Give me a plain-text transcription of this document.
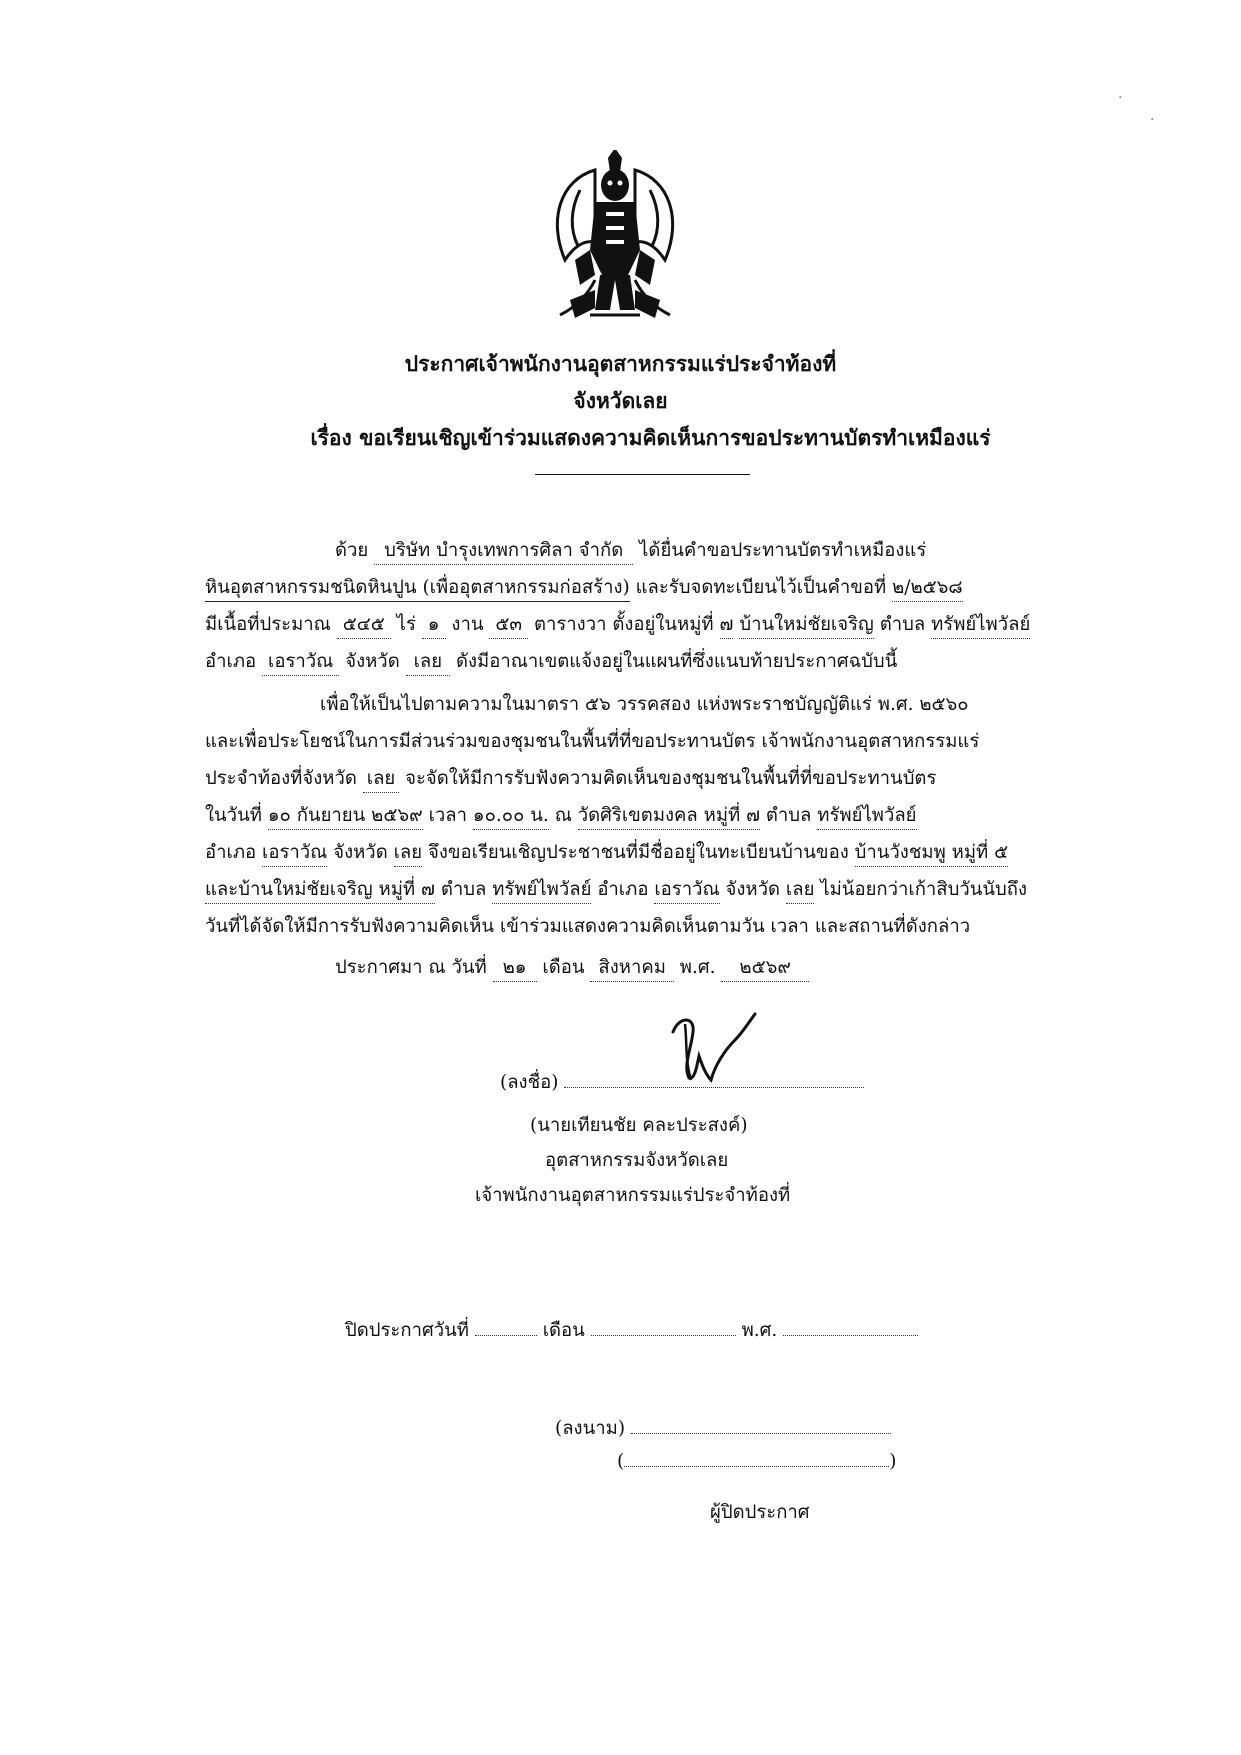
ประกาศเจ้าพนักงานอุตสาหกรรมแร่ประจำท้องที่
จังหวัดเลย
เรื่อง ขอเรียนเชิญเข้าร่วมแสดงความคิดเห็นการขอประทานบัตรทำเหมืองแร่
ด้วย บริษัท บำรุงเทพการศิลา จำกัด ได้ยื่นคำขอประทานบัตรทำเหมืองแร่
หินอุตสาหกรรมชนิดหินปูน (เพื่ออุตสาหกรรมก่อสร้าง) และรับจดทะเบียนไว้เป็นคำขอที่ ๒/๒๕๖๘
มีเนื้อที่ประมาณ ๕๔๕ ไร่ ๑ งาน ๕๓ ตารางวา ตั้งอยู่ในหมู่ที่ ๗ บ้านใหม่ชัยเจริญ ตำบล ทรัพย์ไพวัลย์
อำเภอ เอราวัณ จังหวัด เลย ดังมีอาณาเขตแจ้งอยู่ในแผนที่ซึ่งแนบท้ายประกาศฉบับนี้
เพื่อให้เป็นไปตามความในมาตรา ๕๖ วรรคสอง แห่งพระราชบัญญัติแร่ พ.ศ. ๒๕๖๐
และเพื่อประโยชน์ในการมีส่วนร่วมของชุมชนในพื้นที่ที่ขอประทานบัตร เจ้าพนักงานอุตสาหกรรมแร่
ประจำท้องที่จังหวัด เลย จะจัดให้มีการรับฟังความคิดเห็นของชุมชนในพื้นที่ที่ขอประทานบัตร
ในวันที่ ๑๐ กันยายน ๒๕๖๙ เวลา ๑๐.๐๐ น. ณ วัดศิริเขตมงคล หมู่ที่ ๗ ตำบล ทรัพย์ไพวัลย์
อำเภอ เอราวัณ จังหวัด เลย จึงขอเรียนเชิญประชาชนที่มีชื่ออยู่ในทะเบียนบ้านของ บ้านวังชมพู หมู่ที่ ๕
และบ้านใหม่ชัยเจริญ หมู่ที่ ๗ ตำบล ทรัพย์ไพวัลย์ อำเภอ เอราวัณ จังหวัด เลย ไม่น้อยกว่าเก้าสิบวันนับถึง
วันที่ได้จัดให้มีการรับฟังความคิดเห็น เข้าร่วมแสดงความคิดเห็นตามวัน เวลา และสถานที่ดังกล่าว
ประกาศมา ณ วันที่ ๒๑ เดือน สิงหาคม พ.ศ. ๒๕๖๙
(ลงชื่อ)
(นายเทียนชัย คละประสงค์)
อุตสาหกรรมจังหวัดเลย
เจ้าพนักงานอุตสาหกรรมแร่ประจำท้องที่
ปิดประกาศวันที่	เดือน	พ.ศ.
(ลงนาม)
(	)
ผู้ปิดประกาศ
·
·
